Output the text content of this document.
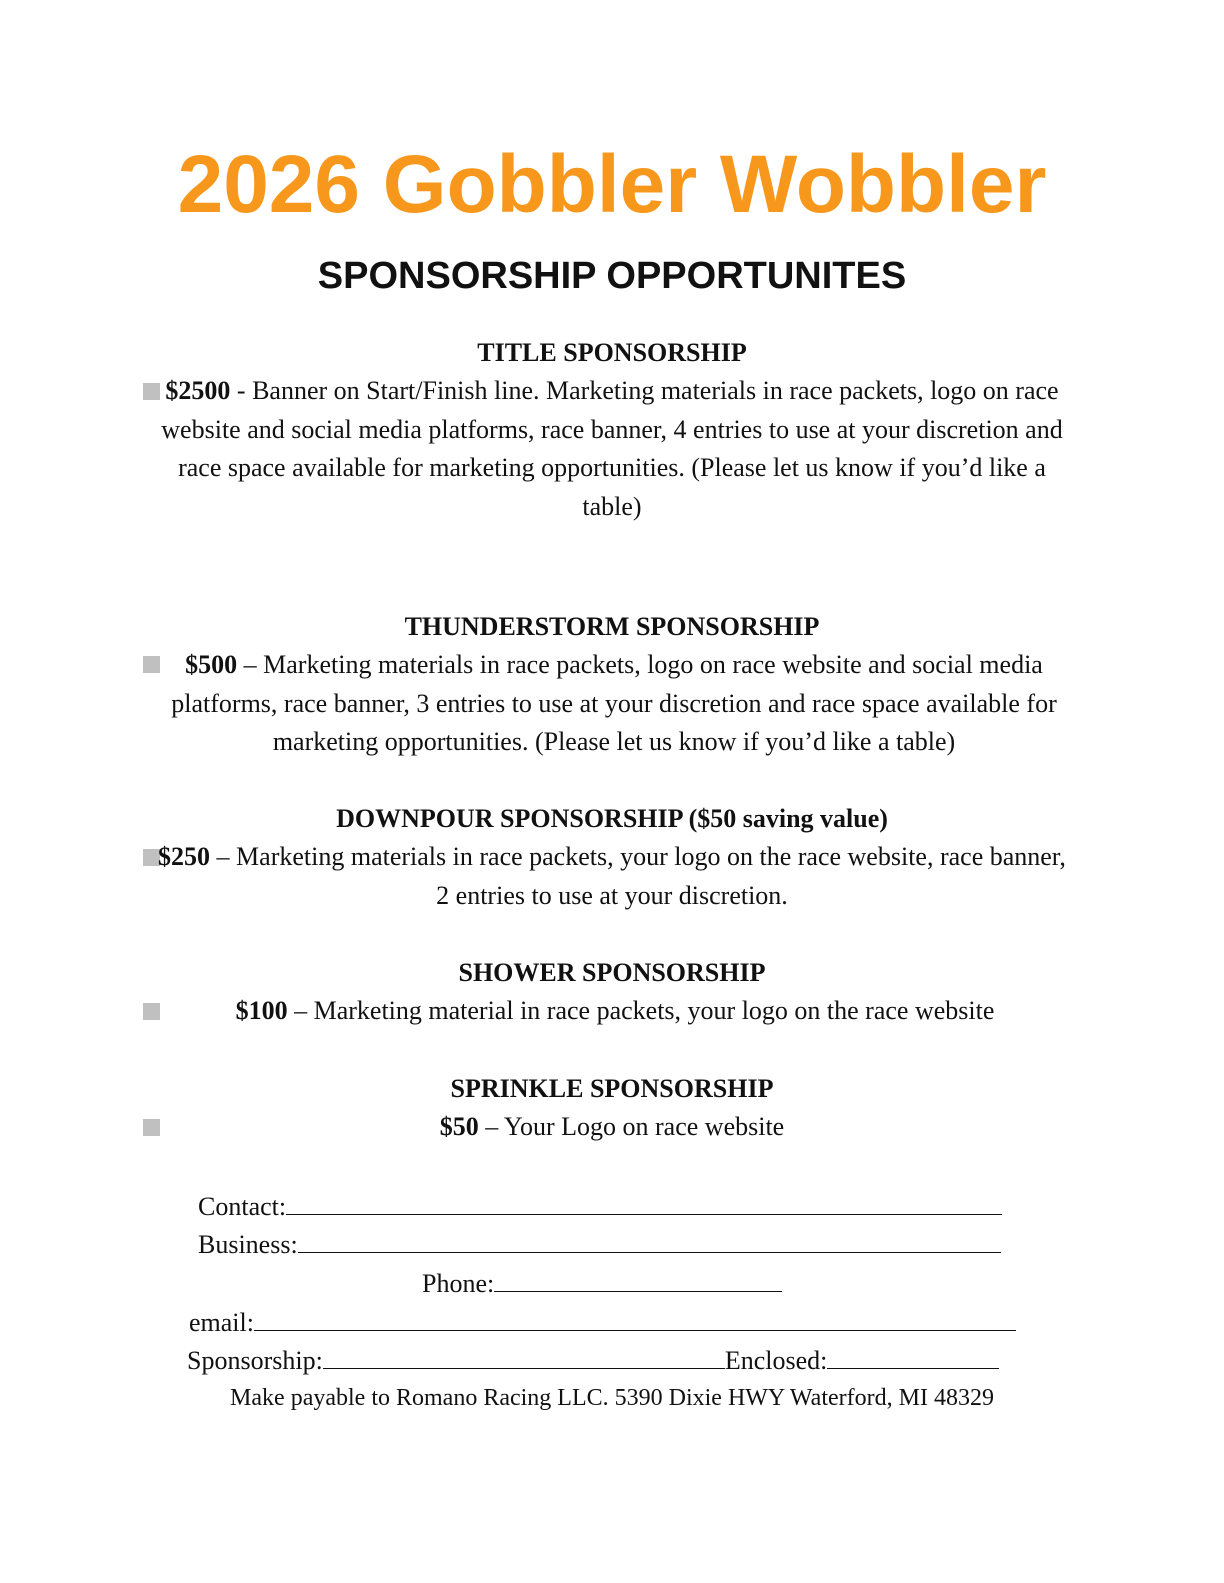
2026 Gobbler Wobbler
SPONSORSHIP OPPORTUNITES
TITLE SPONSORSHIP

$2500 - Banner on Start/Finish line. Marketing materials in race packets, logo on race website and social media platforms, race banner, 4 entries to use at your discretion and race space available for marketing opportunities. (Please let us know if you’d like a table)

THUNDERSTORM SPONSORSHIP

$500 – Marketing materials in race packets, logo on race website and social media platforms, race banner, 3 entries to use at your discretion and race space available for marketing opportunities. (Please let us know if you’d like a table)

DOWNPOUR SPONSORSHIP ($50 saving value)

$250 – Marketing materials in race packets, your logo on the race website, race banner, 2 entries to use at your discretion.

SHOWER SPONSORSHIP

$100 – Marketing material in race packets, your logo on the race website

SPRINKLE SPONSORSHIP

$50 – Your Logo on race website

Contact:
Business:
Phone:
email:
Sponsorship:	Enclosed:

Make payable to Romano Racing LLC. 5390 Dixie HWY Waterford, MI 48329
